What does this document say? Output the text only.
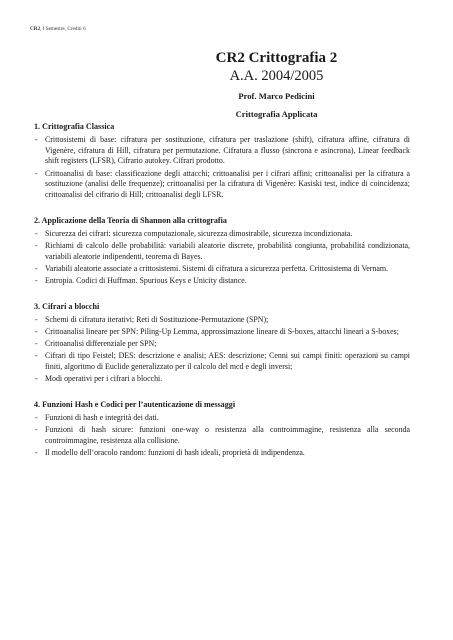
CR2, I Semestre, Crediti 6
CR2 Crittografia 2
A.A. 2004/2005
Prof. Marco Pedicini
Crittografia Applicata
1. Crittografia Classica
- Crittosistemi di base: cifratura per sostituzione, cifratura per traslazione (shift), cifratura affine, cifratura di Vigenère, cifratura di Hill, cifratura per permutazione. Cifratura a flusso (sincrona e asincrona), Linear feedback shift registers (LFSR), Cifrario autokey. Cifrari prodotto.
- Crittoanalisi di base: classificazione degli attacchi; crittoanalisi per i cifrari affini; crittoanalisi per la cifratura a sostituzione (analisi delle frequenze); crittoanalisi per la cifratura di Vigenère: Kasiski test, indice di coincidenza; crittoanalisi del cifrario di Hill; crittoanalisi degli LFSR.
2. Applicazione della Teoria di Shannon alla crittografia
- Sicurezza dei cifrari: sicurezza computazionale, sicurezza dimostrabile, sicurezza incondizionata.
- Richiami di calcolo delle probabilità: variabili aleatorie discrete, probabilità congiunta, probabilitá condizionata, variabili aleatorie indipendenti, teorema di Bayes.
- Variabili aleatorie associate a crittosistemi. Sistemi di cifratura a sicurezza perfetta. Crittosistema di Vernam.
- Entropia. Codici di Huffman. Spurious Keys e Unicity distance.
3. Cifrari a blocchi
- Schemi di cifratura iterativi; Reti di Sostituzione-Permutazione (SPN);
- Crittoanalisi lineare per SPN: Piling-Up Lemma, approssimazione lineare di S-boxes, attacchi lineari a S-boxes;
- Crittoanalisi differenziale per SPN;
- Cifrari di tipo Feistel; DES: descrizione e analisi; AES: descrizione; Cenni sui campi finiti: operazioni su campi finiti, algoritmo di Euclide generalizzato per il calcolo del mcd e degli inversi;
- Modi operativi per i cifrari a blocchi.
4. Funzioni Hash e Codici per l’autenticazione di messaggi
- Funzioni di hash e integrità dei dati.
- Funzioni di hash sicure: funzioni one-way o resistenza alla controimmagine, resistenza alla seconda controimmagine, resistenza alla collisione.
- Il modello dell’oracolo random: funzioni di hash ideali, proprietà di indipendenza.
